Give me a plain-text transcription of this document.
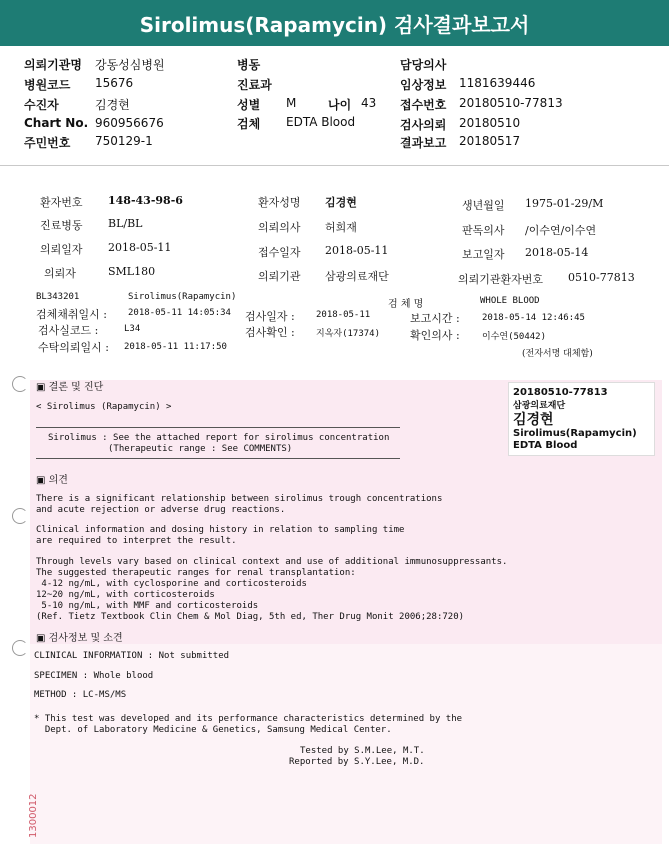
Sirolimus(Rapamycin) 검사결과보고서
의뢰기관명 강동성심병원
병원코드 15676
수진자	김경현
Chart No. 960956676
주민번호 750129-1
병동
진료과
성별 M	나이 43
검체 EDTA Blood
담당의사
임상정보 1181639446
접수번호 20180510-77813
검사의뢰 20180510
결과보고 20180517
환자번호 148-43-98-6	환자성명 김경현	생년월일 1975-01-29/M
진료병동 BL/BL	의뢰의사 허희재	판독의사 /이수연/이수연
의뢰일자 2018-05-11	접수일자 2018-05-11	보고일자 2018-05-14
의뢰자	SML180	의뢰기관 삼광의료재단	의뢰기관환자번호 0510-77813
BL343201	Sirolimus(Rapamycin)
검 체 명	WHOLE BLOOD
검체채취일시 : 2018-05-11 14:05:34 검사일자 : 2018-05-11	보고시간 : 2018-05-14 12:46:45
검사실코드 :	L34	검사확인 : 지옥자(17374)	확인의사 : 이수연(50442)
수탁의뢰일시 : 2018-05-11 11:17:50
(전자서명 대체함)
20180510-77813
삼광의료재단
김경현
Sirolimus(Rapamycin)
EDTA Blood
▣ 결론 및 진단
< Sirolimus (Rapamycin) >
Sirolimus : See the attached report for sirolimus concentration
(Therapeutic range : See COMMENTS)
▣ 의견
There is a significant relationship between sirolimus trough concentrations
and acute rejection or adverse drug reactions.
Clinical information and dosing history in relation to sampling time
are required to interpret the result.
Through levels vary based on clinical context and use of additional immunosuppressants.
The suggested therapeutic ranges for renal transplantation:
4-12 ng/mL, with cyclosporine and corticosteroids
12~20 ng/mL, with corticosteroids
5-10 ng/mL, with MMF and corticosteroids
(Ref. Tietz Textbook Clin Chem & Mol Diag, 5th ed, Ther Drug Monit 2006;28:720)
▣ 검사정보 및 소견
CLINICAL INFORMATION : Not submitted
SPECIMEN : Whole blood
METHOD : LC-MS/MS
* This test was developed and its performance characteristics determined by the
Dept. of Laboratory Medicine & Genetics, Samsung Medical Center.
Tested by S.M.Lee, M.T.
Reported by S.Y.Lee, M.D.
1300012
